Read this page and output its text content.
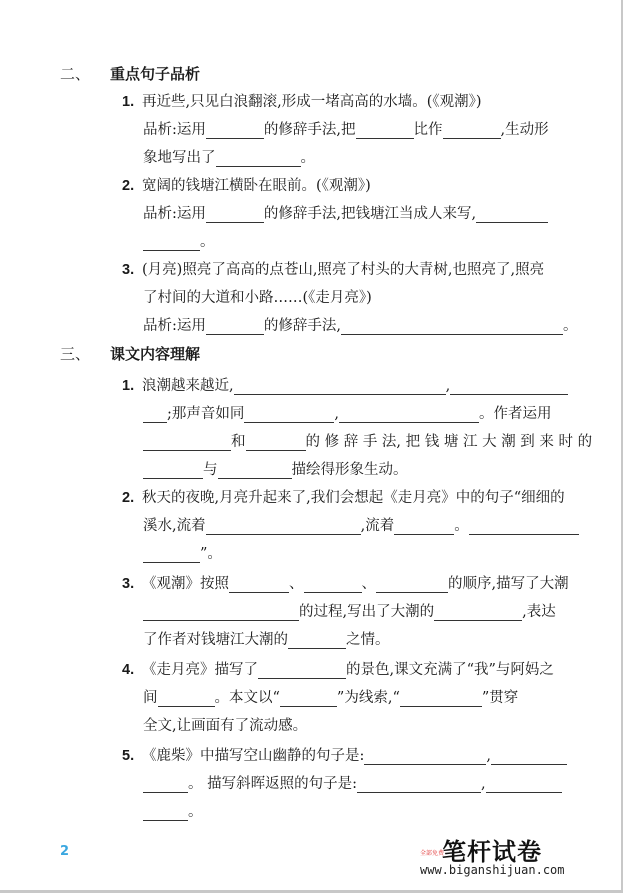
二、	重点句子品析
1. 再近些,只见白浪翻滚,形成一堵高高的水墙。(《观潮》)
品析:运用	的修辞手法,把	比作	,生动形
象地写出了	。
2. 宽阔的钱塘江横卧在眼前。(《观潮》)
品析:运用	的修辞手法,把钱塘江当成人来写,
。
3. (月亮)照亮了高高的点苍山,照亮了村头的大青树,也照亮了,照亮
了村间的大道和小路……(《走月亮》)
品析:运用	的修辞手法,	。
三、	课文内容理解
1. 浪潮越来越近,	,
;那声音如同	,	。作者运用
和	的 修 辞 手 法, 把 钱 塘 江 大 潮 到 来 时 的
与	描绘得形象生动。
2. 秋天的夜晚,月亮升起来了,我们会想起《走月亮》中的句子“细细的
溪水,流着	,流着	。
”。
3. 《观潮》按照	、	、	的顺序,描写了大潮
的过程,写出了大潮的	,表达
了作者对钱塘江大潮的	之情。
4. 《走月亮》描写了	的景色,课文充满了“我”与阿妈之
间	。本文以“	”为线索,“	”贯穿
全文,让画面有了流动感。
5. 《鹿柴》中描写空山幽静的句子是:	,
。 描写斜晖返照的句子是:	,
。
2	全部免费
笔杆试卷
www.biganshijuan.com
